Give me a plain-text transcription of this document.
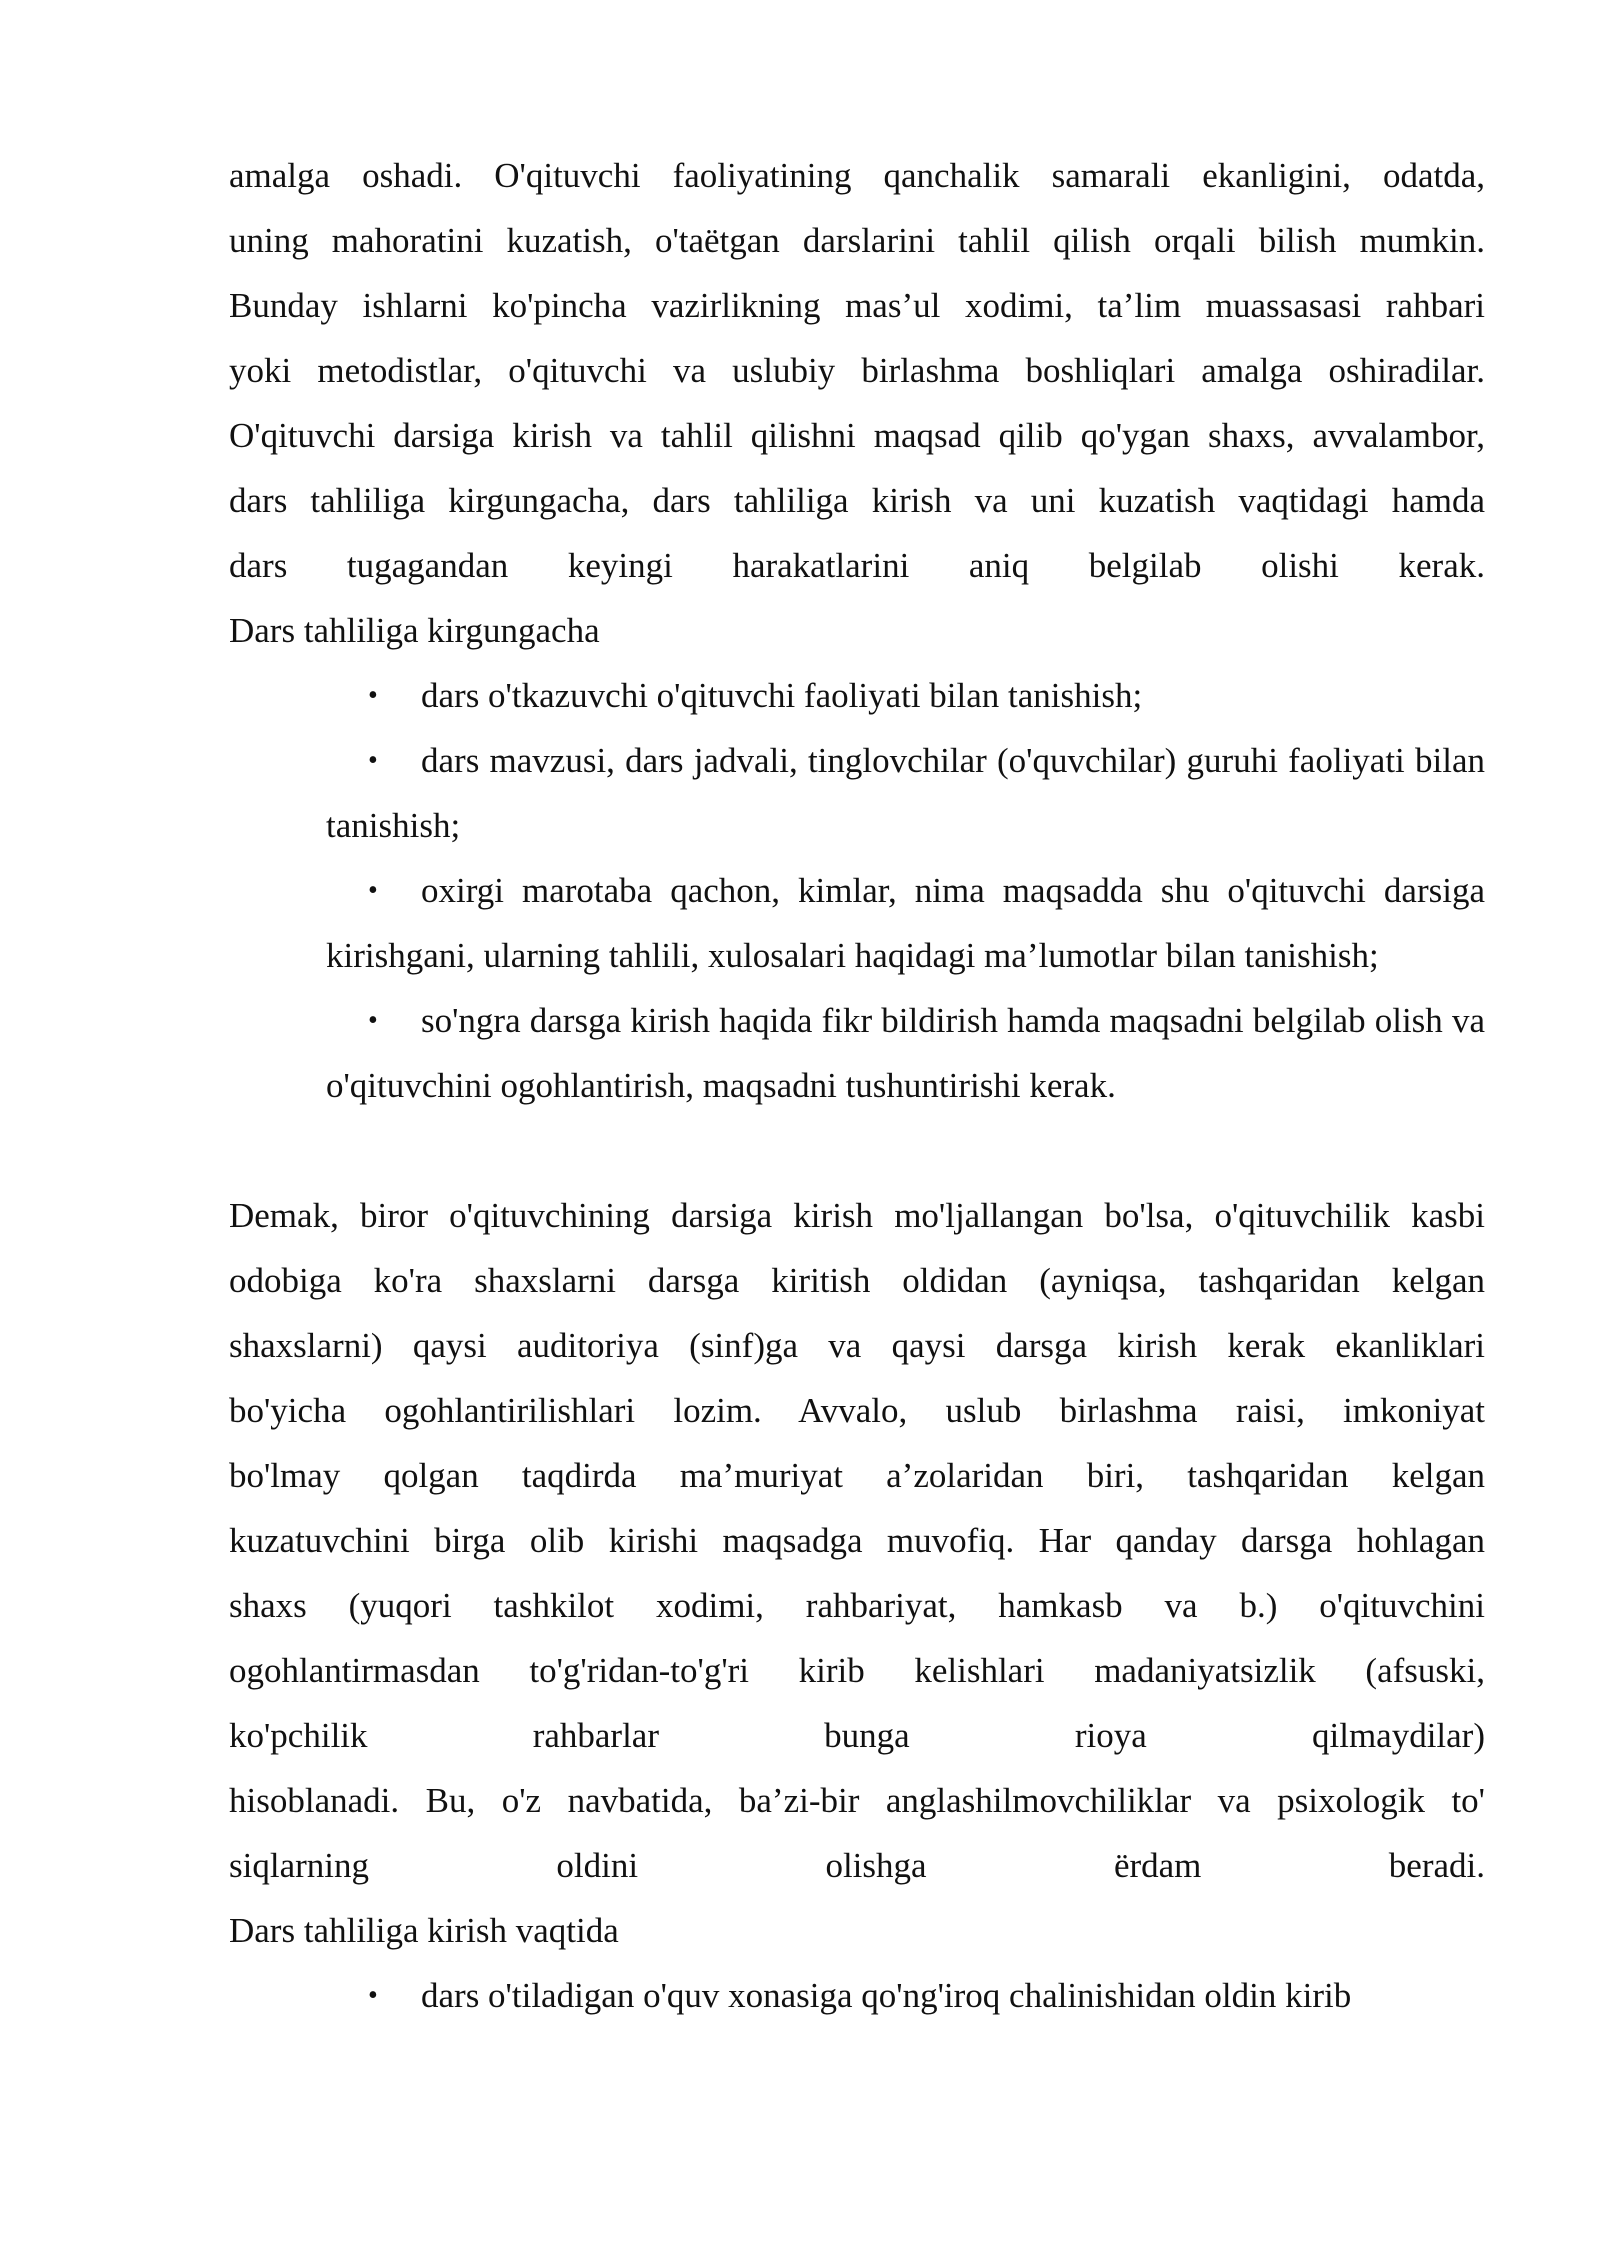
amalga oshadi. O'qituvchi faoliyatining qanchalik samarali ekanligini, odatda,

uning mahoratini kuzatish, o'taëtgan darslarini tahlil qilish orqali bilish mumkin.

Bunday ishlarni ko'pincha vazirlikning mas’ul xodimi, ta’lim muassasasi rahbari

yoki metodistlar, o'qituvchi va uslubiy birlashma boshliqlari amalga oshiradilar.

O'qituvchi darsiga kirish va tahlil qilishni maqsad qilib qo'ygan shaxs, avvalambor,

dars tahliliga kirgungacha, dars tahliliga kirish va uni kuzatish vaqtidagi hamda

dars tugagandan keyingi harakatlarini aniq belgilab olishi kerak.

Dars tahliliga kirgungacha

• dars o'tkazuvchi o'qituvchi faoliyati bilan tanishish;
• dars mavzusi, dars jadvali, tinglovchilar (o'quvchilar) guruhi faoliyati bilan tanishish;
• oxirgi marotaba qachon, kimlar, nima maqsadda shu o'qituvchi darsiga kirishgani, ularning tahlili, xulosalari haqidagi ma’lumotlar bilan tanishish;
• so'ngra darsga kirish haqida fikr bildirish hamda maqsadni belgilab olish va o'qituvchini ogohlantirish, maqsadni tushuntirishi kerak.

Demak, biror o'qituvchining darsiga kirish mo'ljallangan bo'lsa, o'qituvchilik kasbi

odobiga ko'ra shaxslarni darsga kiritish oldidan (ayniqsa, tashqaridan kelgan

shaxslarni) qaysi auditoriya (sinf)ga va qaysi darsga kirish kerak ekanliklari

bo'yicha ogohlantirilishlari lozim. Avvalo, uslub birlashma raisi, imkoniyat

bo'lmay qolgan taqdirda ma’muriyat a’zolaridan biri, tashqaridan kelgan

kuzatuvchini birga olib kirishi maqsadga muvofiq. Har qanday darsga hohlagan

shaxs (yuqori tashkilot xodimi, rahbariyat, hamkasb va b.) o'qituvchini

ogohlantirmasdan to'g'ridan-to'g'ri kirib kelishlari madaniyatsizlik (afsuski,

ko'pchilik rahbarlar bunga rioya qilmaydilar)

hisoblanadi. Bu, o'z navbatida, ba’zi-bir anglashilmovchiliklar va psixologik to'

siqlarning oldini olishga ërdam beradi.

Dars tahliliga kirish vaqtida

• dars o'tiladigan o'quv xonasiga qo'ng'iroq chalinishidan oldin kirib
